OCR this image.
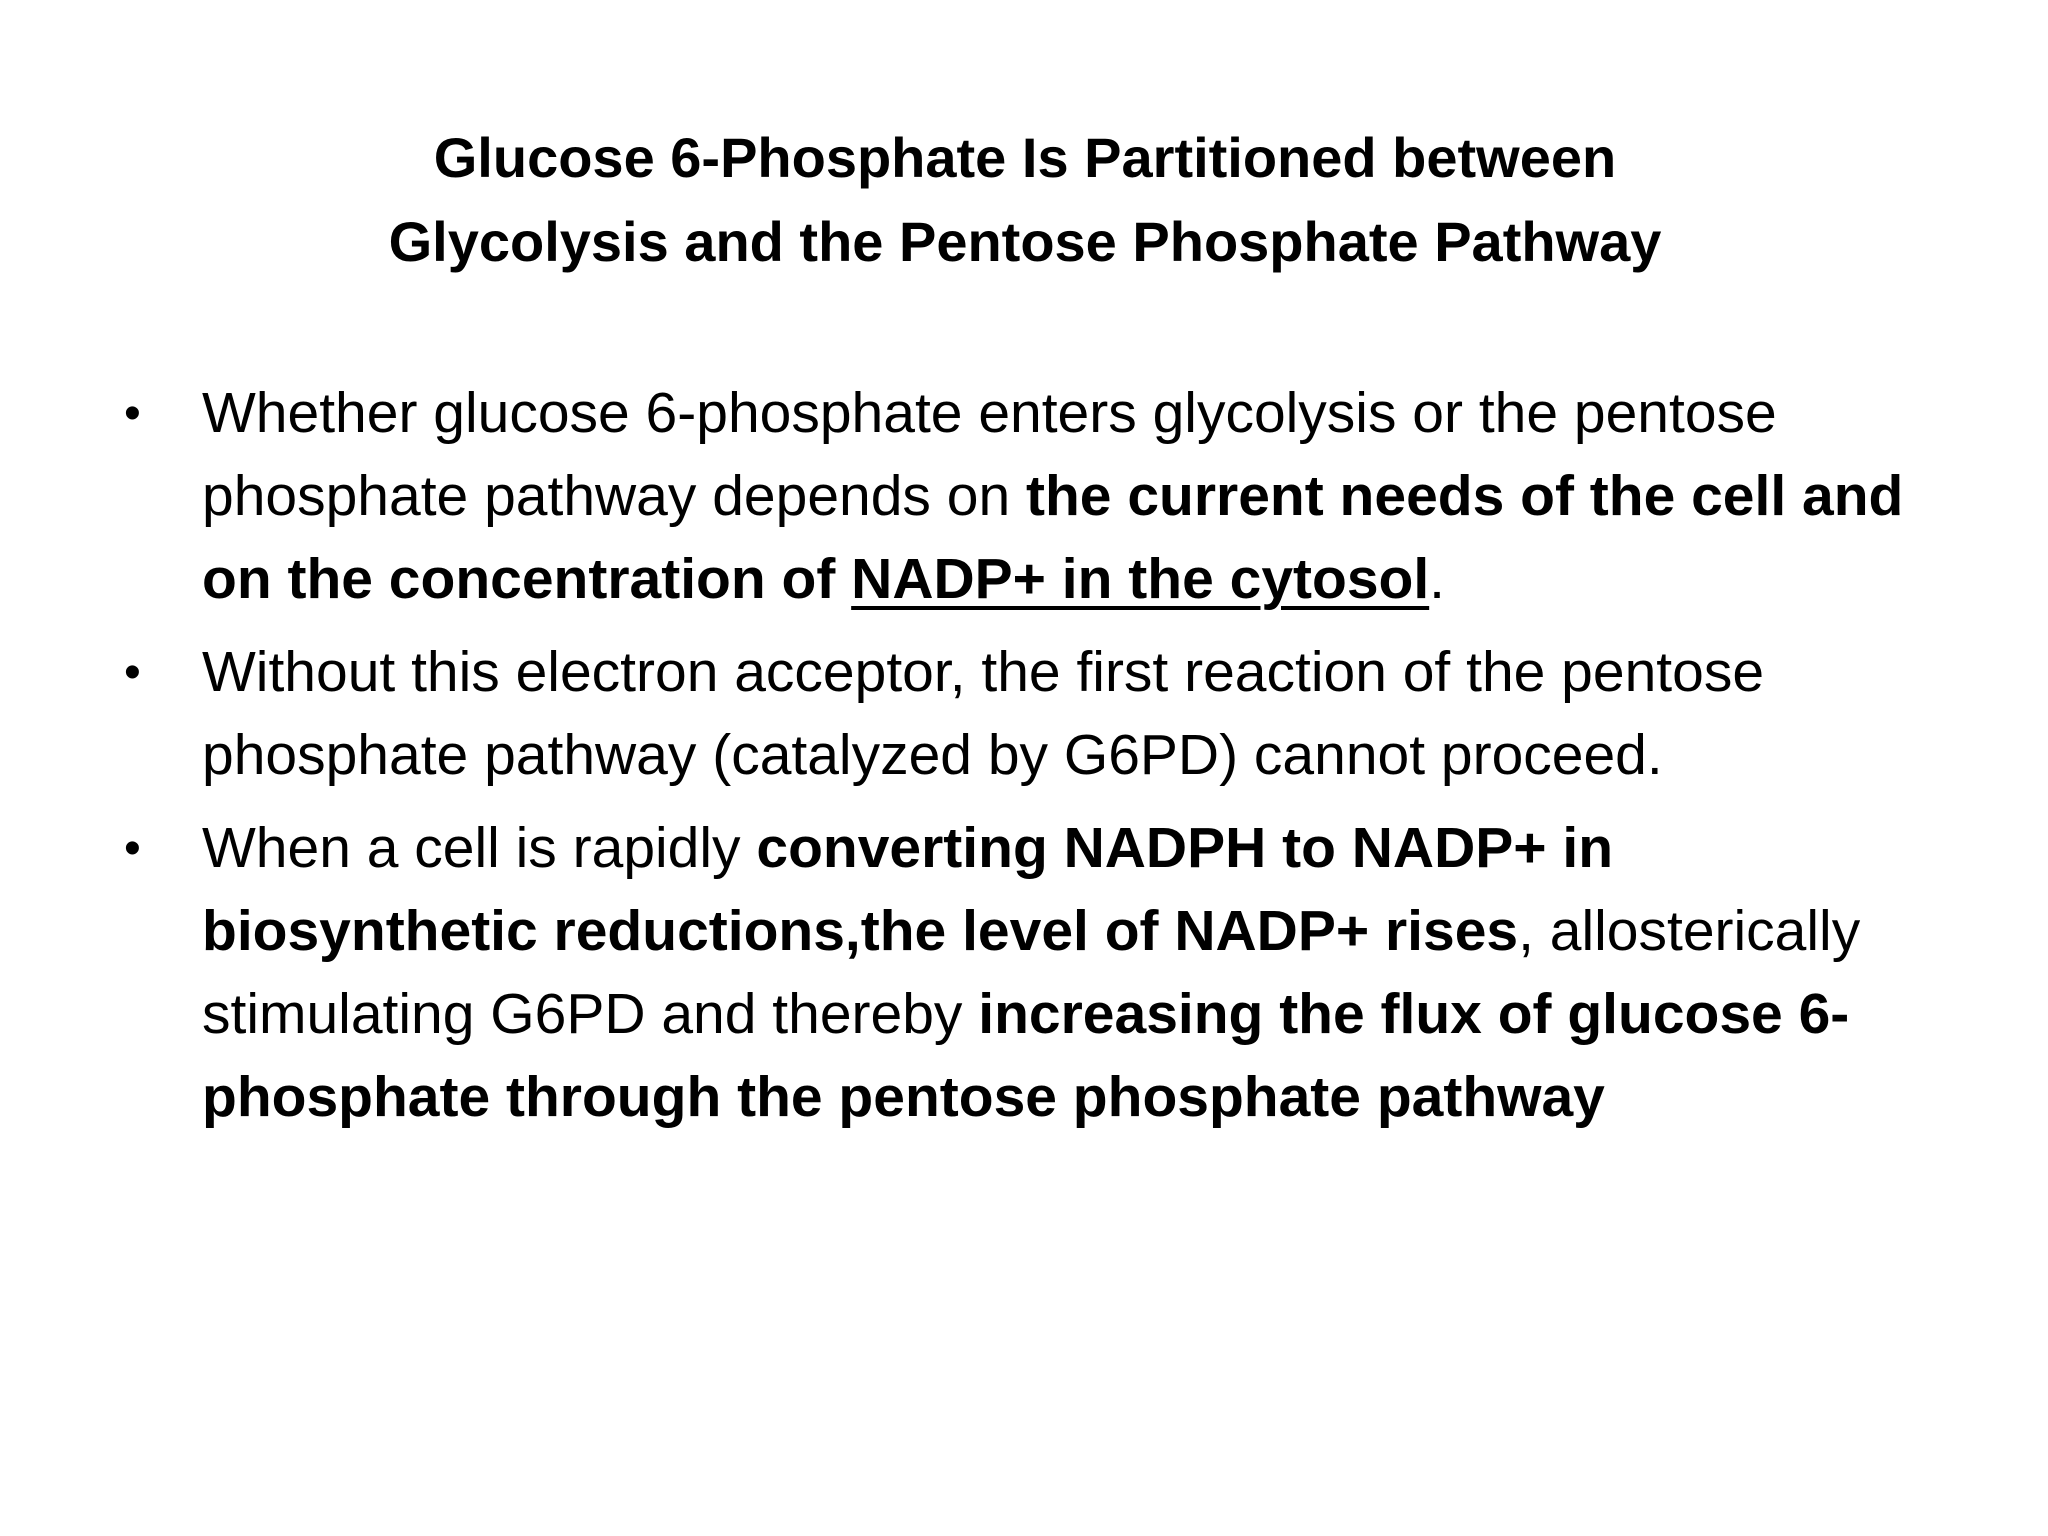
Glucose 6-Phosphate Is Partitioned between
Glycolysis and the Pentose Phosphate Pathway
•	Whether glucose 6-phosphate enters glycolysis or the pentose phosphate pathway depends on the current needs of the cell and on the concentration of NADP+ in the cytosol.
•	Without this electron acceptor, the first reaction of the pentose phosphate pathway (catalyzed by G6PD) cannot proceed.
•	When a cell is rapidly converting NADPH to NADP+ in biosynthetic reductions,the level of NADP+ rises, allosterically stimulating G6PD and thereby increasing the flux of glucose 6-phosphate through the pentose phosphate pathway
